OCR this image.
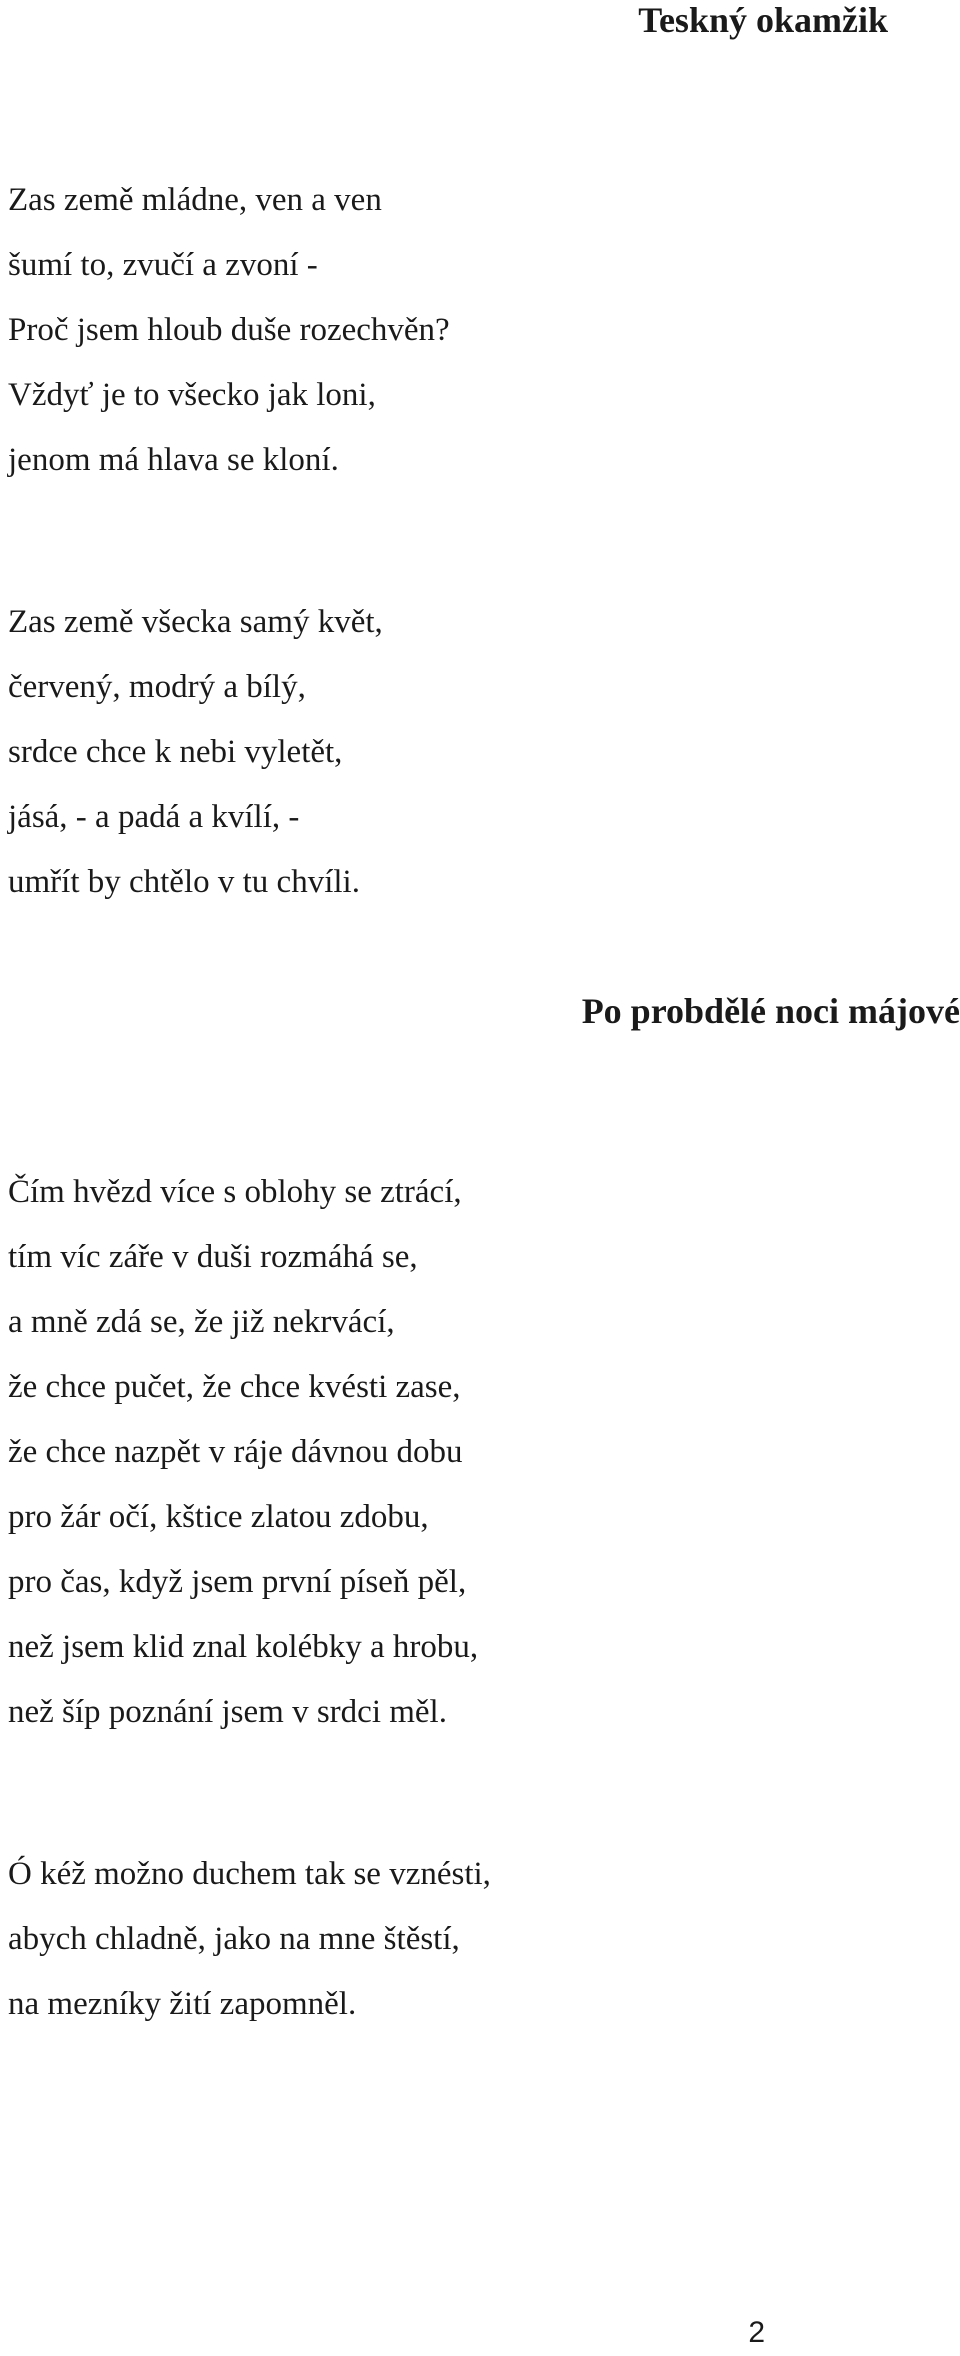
Teskný okamžik
Zas země mládne, ven a ven
šumí to, zvučí a zvoní -
Proč jsem hloub duše rozechvěn?
Vždyť je to všecko jak loni,
jenom má hlava se kloní.
Zas země všecka samý květ,
červený, modrý a bílý,
srdce chce k nebi vyletět,
jásá, - a padá a kvílí, -
umřít by chtělo v tu chvíli.
Po probdělé noci májové
Čím hvězd více s oblohy se ztrácí,
tím víc záře v duši rozmáhá se,
a mně zdá se, že již nekrvácí,
že chce pučet, že chce kvésti zase,
že chce nazpět v ráje dávnou dobu
pro žár očí, kštice zlatou zdobu,
pro čas, když jsem první píseň pěl,
než jsem klid znal kolébky a hrobu,
než šíp poznání jsem v srdci měl.
Ó kéž možno duchem tak se vznésti,
abych chladně, jako na mne štěstí,
na mezníky žití zapomněl.
2
